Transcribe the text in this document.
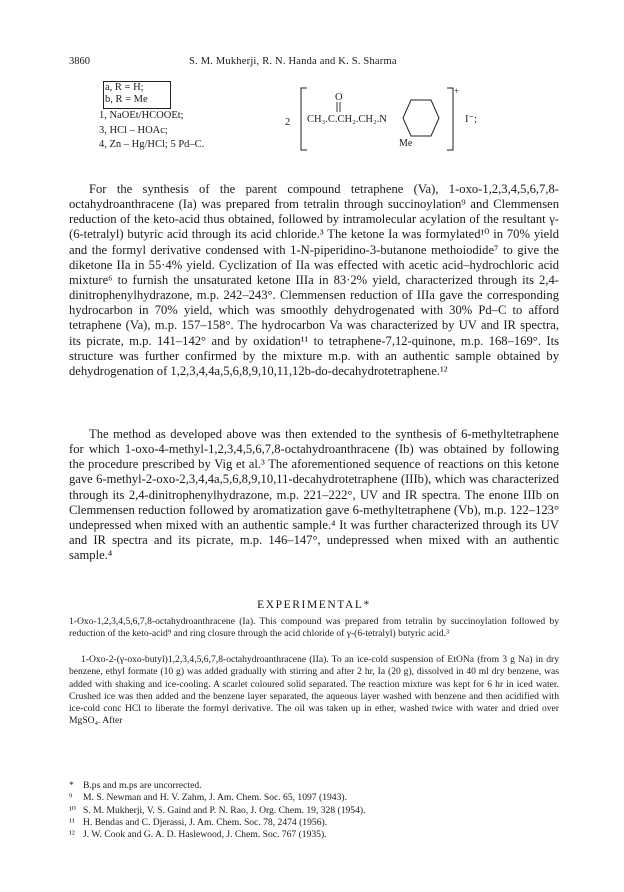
3860	S. M. Mukherji, R. N. Handa and K. S. Sharma
a, R = H;
b, R = Me
1, NaOEt/HCOOEt;
3, HCl – HOAc;
4, Zn – Hg/HCl; 5 Pd–C.
2 CH₃.C.CH₂.CH₂.N
O
Me
+
I⁻;

For the synthesis of the parent compound tetraphene (Va), 1-oxo-1,2,3,4,5,6,7,8-octahydroanthracene (Ia) was prepared from tetralin through succinoylation⁹ and Clemmensen reduction of the keto-acid thus obtained, followed by intramolecular acylation of the resultant γ-(6-tetralyl) butyric acid through its acid chloride.³ The ketone Ia was formylated¹⁰ in 70% yield and the formyl derivative condensed with 1-N-piperidino-3-butanone methoiodide⁷ to give the diketone IIa in 55·4% yield. Cyclization of IIa was effected with acetic acid–hydrochloric acid mixture⁶ to furnish the unsaturated ketone IIIa in 83·2% yield, characterized through its 2,4-dinitrophenylhydrazone, m.p. 242–243°. Clemmensen reduction of IIIa gave the corresponding hydrocarbon in 70% yield, which was smoothly dehydrogenated with 30% Pd–C to afford tetraphene (Va), m.p. 157–158°. The hydrocarbon Va was characterized by UV and IR spectra, its picrate, m.p. 141–142° and by oxidation¹¹ to tetraphene-7,12-quinone, m.p. 168–169°. Its structure was further confirmed by the mixture m.p. with an authentic sample obtained by dehydrogenation of 1,2,3,4,4a,5,6,8,9,10,11,12b-do-decahydrotetraphene.¹²

The method as developed above was then extended to the synthesis of 6-methyltetraphene for which 1-oxo-4-methyl-1,2,3,4,5,6,7,8-octahydroanthracene (Ib) was obtained by following the procedure prescribed by Vig et al.³ The aforementioned sequence of reactions on this ketone gave 6-methyl-2-oxo-2,3,4,4a,5,6,8,9,10,11-decahydrotetraphene (IIIb), which was characterized through its 2,4-dinitrophenylhydrazone, m.p. 221–222°, UV and IR spectra. The enone IIIb on Clemmensen reduction followed by aromatization gave 6-methyltetraphene (Vb), m.p. 122–123° undepressed when mixed with an authentic sample.⁴ It was further characterized through its UV and IR spectra and its picrate, m.p. 146–147°, undepressed when mixed with an authentic sample.⁴

EXPERIMENTAL*

1-Oxo-1,2,3,4,5,6,7,8-octahydroanthracene (Ia). This compound was prepared from tetralin by succinoylation followed by reduction of the keto-acid⁹ and ring closure through the acid chloride of γ-(6-tetralyl) butyric acid.³

1-Oxo-2-(γ-oxo-butyl)1,2,3,4,5,6,7,8-octahydroanthracene (IIa). To an ice-cold suspension of EtONa (from 3 g Na) in dry benzene, ethyl formate (10 g) was added gradually with stirring and after 2 hr, Ia (20 g), dissolved in 40 ml dry benzene, was added with shaking and ice-cooling. A scarlet coloured solid separated. The reaction mixture was kept for 6 hr in iced water. Crushed ice was then added and the benzene layer separated, the aqueous layer washed with benzene and then acidified with ice-cold conc HCl to liberate the formyl derivative. The oil was taken up in ether, washed twice with water and dried over MgSO₄. After

* B.ps and m.ps are uncorrected.
⁹ M. S. Newman and H. V. Zahm, J. Am. Chem. Soc. 65, 1097 (1943).
¹⁰ S. M. Mukherji, V. S. Gaind and P. N. Rao, J. Org. Chem. 19, 328 (1954).
¹¹ H. Bendas and C. Djerassi, J. Am. Chem. Soc. 78, 2474 (1956).
¹² J. W. Cook and G. A. D. Haslewood, J. Chem. Soc. 767 (1935).
